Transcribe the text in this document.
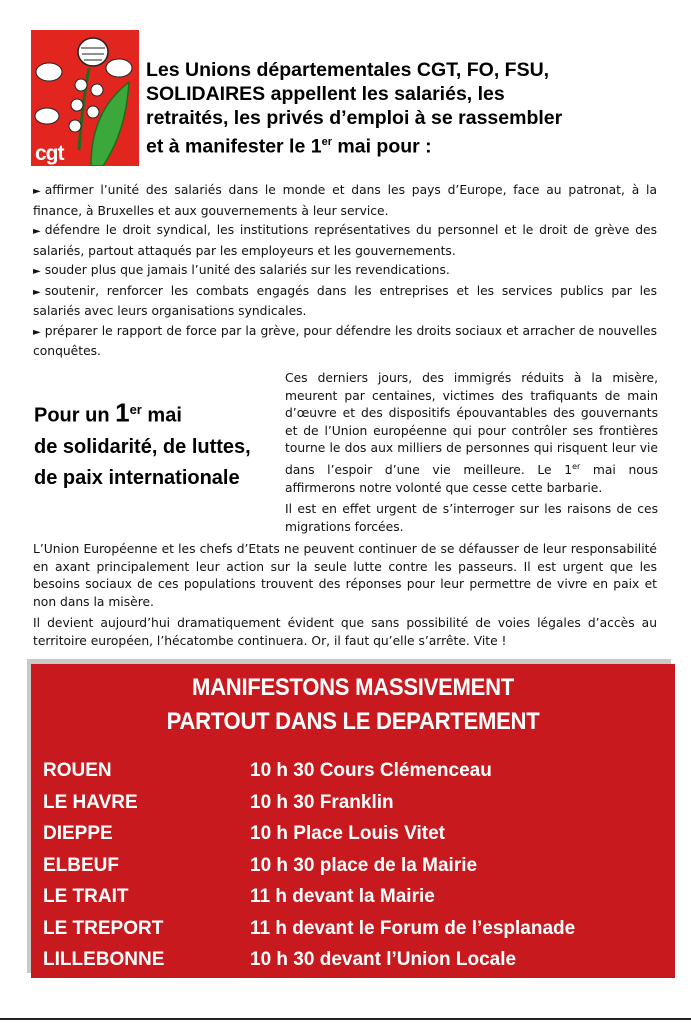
cgt
Les Unions départementales CGT, FO, FSU,
SOLIDAIRES appellent les salariés, les
retraités, les privés d’emploi à se rassembler
et à manifester le 1er mai pour :
► affirmer l’unité des salariés dans le monde et dans les pays d’Europe, face au patronat, à la finance, à Bruxelles et aux gouvernements à leur service.
► défendre le droit syndical, les institutions représentatives du personnel et le droit de grève des salariés, partout attaqués par les employeurs et les gouvernements.
► souder plus que jamais l’unité des salariés sur les revendications.
► soutenir, renforcer les combats engagés dans les entreprises et les services publics par les salariés avec leurs organisations syndicales.
► préparer le rapport de force par la grève, pour défendre les droits sociaux et arracher de nouvelles conquêtes.
Pour un 1er mai
de solidarité, de luttes, de paix internationale

Ces derniers jours, des immigrés réduits à la misère, meurent par centaines, victimes des trafiquants de main d’œuvre et des dispositifs épouvantables des gouvernants et de l’Union européenne qui pour contrôler ses frontières tourne le dos aux milliers de personnes qui risquent leur vie dans l’espoir d’une vie meilleure. Le 1er mai nous affirmerons notre volonté que cesse cette barbarie.

Il est en effet urgent de s’interroger sur les raisons de ces migrations forcées.

L’Union Européenne et les chefs d’Etats ne peuvent continuer de se défausser de leur responsabilité en axant principalement leur action sur la seule lutte contre les passeurs. Il est urgent que les besoins sociaux de ces populations trouvent des réponses pour leur permettre de vivre en paix et non dans la misère.

Il devient aujourd’hui dramatiquement évident que sans possibilité de voies légales d’accès au territoire européen, l’hécatombe continuera. Or, il faut qu’elle s’arrête. Vite !

MANIFESTONS MASSIVEMENT
PARTOUT DANS LE DEPARTEMENT
ROUEN	10 h 30 Cours Clémenceau
LE HAVRE	10 h 30 Franklin
DIEPPE	10 h Place Louis Vitet
ELBEUF	10 h 30 place de la Mairie
LE TRAIT	11 h devant la Mairie
LE TREPORT	11 h devant le Forum de l’esplanade
LILLEBONNE	10 h 30 devant l’Union Locale
